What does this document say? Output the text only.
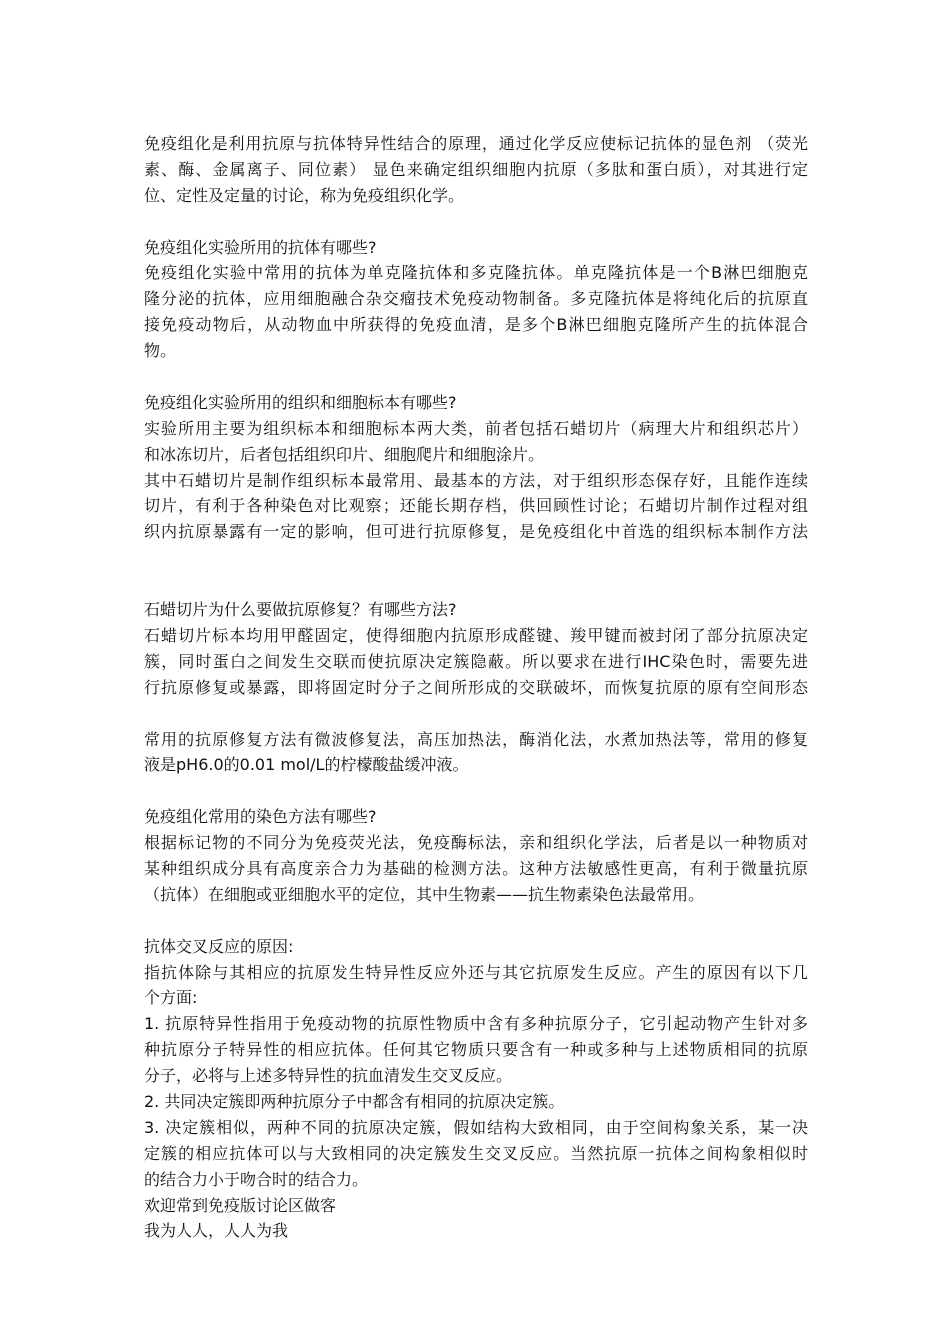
免疫组化是利用抗原与抗体特异性结合的原理，通过化学反应使标记抗体的显色剂 （荧光
素、酶、金属离子、同位素） 显色来确定组织细胞内抗原（多肽和蛋白质），对其进行定
位、定性及定量的讨论，称为免疫组织化学。
免疫组化实验所用的抗体有哪些?
免疫组化实验中常用的抗体为单克隆抗体和多克隆抗体。单克隆抗体是一个B淋巴细胞克
隆分泌的抗体，应用细胞融合杂交瘤技术免疫动物制备。多克隆抗体是将纯化后的抗原直
接免疫动物后，从动物血中所获得的免疫血清，是多个B淋巴细胞克隆所产生的抗体混合
物。
免疫组化实验所用的组织和细胞标本有哪些?
实验所用主要为组织标本和细胞标本两大类，前者包括石蜡切片（病理大片和组织芯片）
和冰冻切片，后者包括组织印片、细胞爬片和细胞涂片。
其中石蜡切片是制作组织标本最常用、最基本的方法，对于组织形态保存好，且能作连续
切片，有利于各种染色对比观察；还能长期存档，供回顾性讨论；石蜡切片制作过程对组
织内抗原暴露有一定的影响，但可进行抗原修复，是免疫组化中首选的组织标本制作方法
石蜡切片为什么要做抗原修复？有哪些方法?
石蜡切片标本均用甲醛固定，使得细胞内抗原形成醛键、羧甲键而被封闭了部分抗原决定
簇，同时蛋白之间发生交联而使抗原决定簇隐蔽。所以要求在进行IHC染色时，需要先进
行抗原修复或暴露，即将固定时分子之间所形成的交联破坏，而恢复抗原的原有空间形态
常用的抗原修复方法有微波修复法，高压加热法，酶消化法，水煮加热法等，常用的修复
液是pH6.0的0.01 mol/L的柠檬酸盐缓冲液。
免疫组化常用的染色方法有哪些?
根据标记物的不同分为免疫荧光法，免疫酶标法，亲和组织化学法，后者是以一种物质对
某种组织成分具有高度亲合力为基础的检测方法。这种方法敏感性更高，有利于微量抗原
（抗体）在细胞或亚细胞水平的定位，其中生物素——抗生物素染色法最常用。
抗体交叉反应的原因:
指抗体除与其相应的抗原发生特异性反应外还与其它抗原发生反应。产生的原因有以下几
个方面:
1. 抗原特异性指用于免疫动物的抗原性物质中含有多种抗原分子，它引起动物产生针对多
种抗原分子特异性的相应抗体。任何其它物质只要含有一种或多种与上述物质相同的抗原
分子，必将与上述多特异性的抗血清发生交叉反应。
2. 共同决定簇即两种抗原分子中都含有相同的抗原决定簇。
3. 决定簇相似，两种不同的抗原决定簇，假如结构大致相同，由于空间构象关系，某一决
定簇的相应抗体可以与大致相同的决定簇发生交叉反应。当然抗原一抗体之间构象相似时
的结合力小于吻合时的结合力。
欢迎常到免疫版讨论区做客
我为人人，人人为我
